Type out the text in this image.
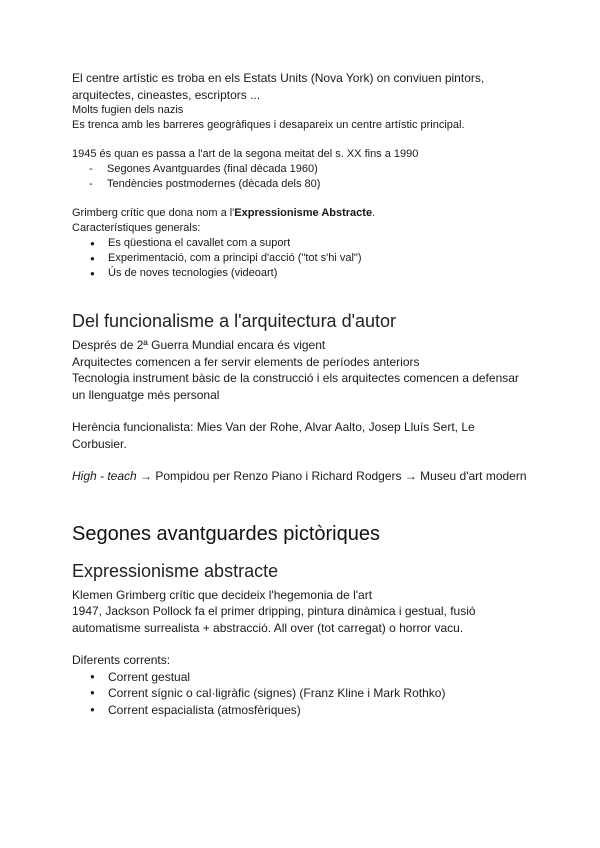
El centre artístic es troba en els Estats Units (Nova York) on conviuen pintors, arquitectes, cineastes, escriptors ...

Molts fugien dels nazis

Es trenca amb les barreres geogràfiques i desapareix un centre artístic principal.

1945 és quan es passa a l'art de la segona meitat del s. XX fins a 1990

- Segones Avantguardes (final dècada 1960)
- Tendències postmodernes (dècada dels 80)

Grimberg crític que dona nom a l'Expressionisme Abstracte.

Característiques generals:

● Es qüestiona el cavallet com a suport
● Experimentació, com a principi d'acció ("tot s'hi val")
● Ús de noves tecnologies (videoart)
Del funcionalisme a l'arquitectura d'autor

Després de 2ª Guerra Mundial encara és vigent

Arquitectes comencen a fer servir elements de períodes anteriors

Tecnologia instrument bàsic de la construcció i els arquitectes comencen a defensar un llenguatge més personal

Herència funcionalista: Mies Van der Rohe, Alvar Aalto, Josep Lluís Sert, Le Corbusier.

High - teach → Pompidou per Renzo Piano i Richard Rodgers → Museu d'art modern

Segones avantguardes pictòriques
Expressionisme abstracte

Klemen Grimberg crític que decideix l'hegemonia de l'art

1947, Jackson Pollock fa el primer dripping, pintura dinàmica i gestual, fusió automatisme surrealista + abstracció. All over (tot carregat) o horror vacu.

Diferents corrents:

● Corrent gestual
● Corrent sígnic o cal·ligràfic (signes) (Franz Kline i Mark Rothko)
● Corrent espacialista (atmosfèriques)
